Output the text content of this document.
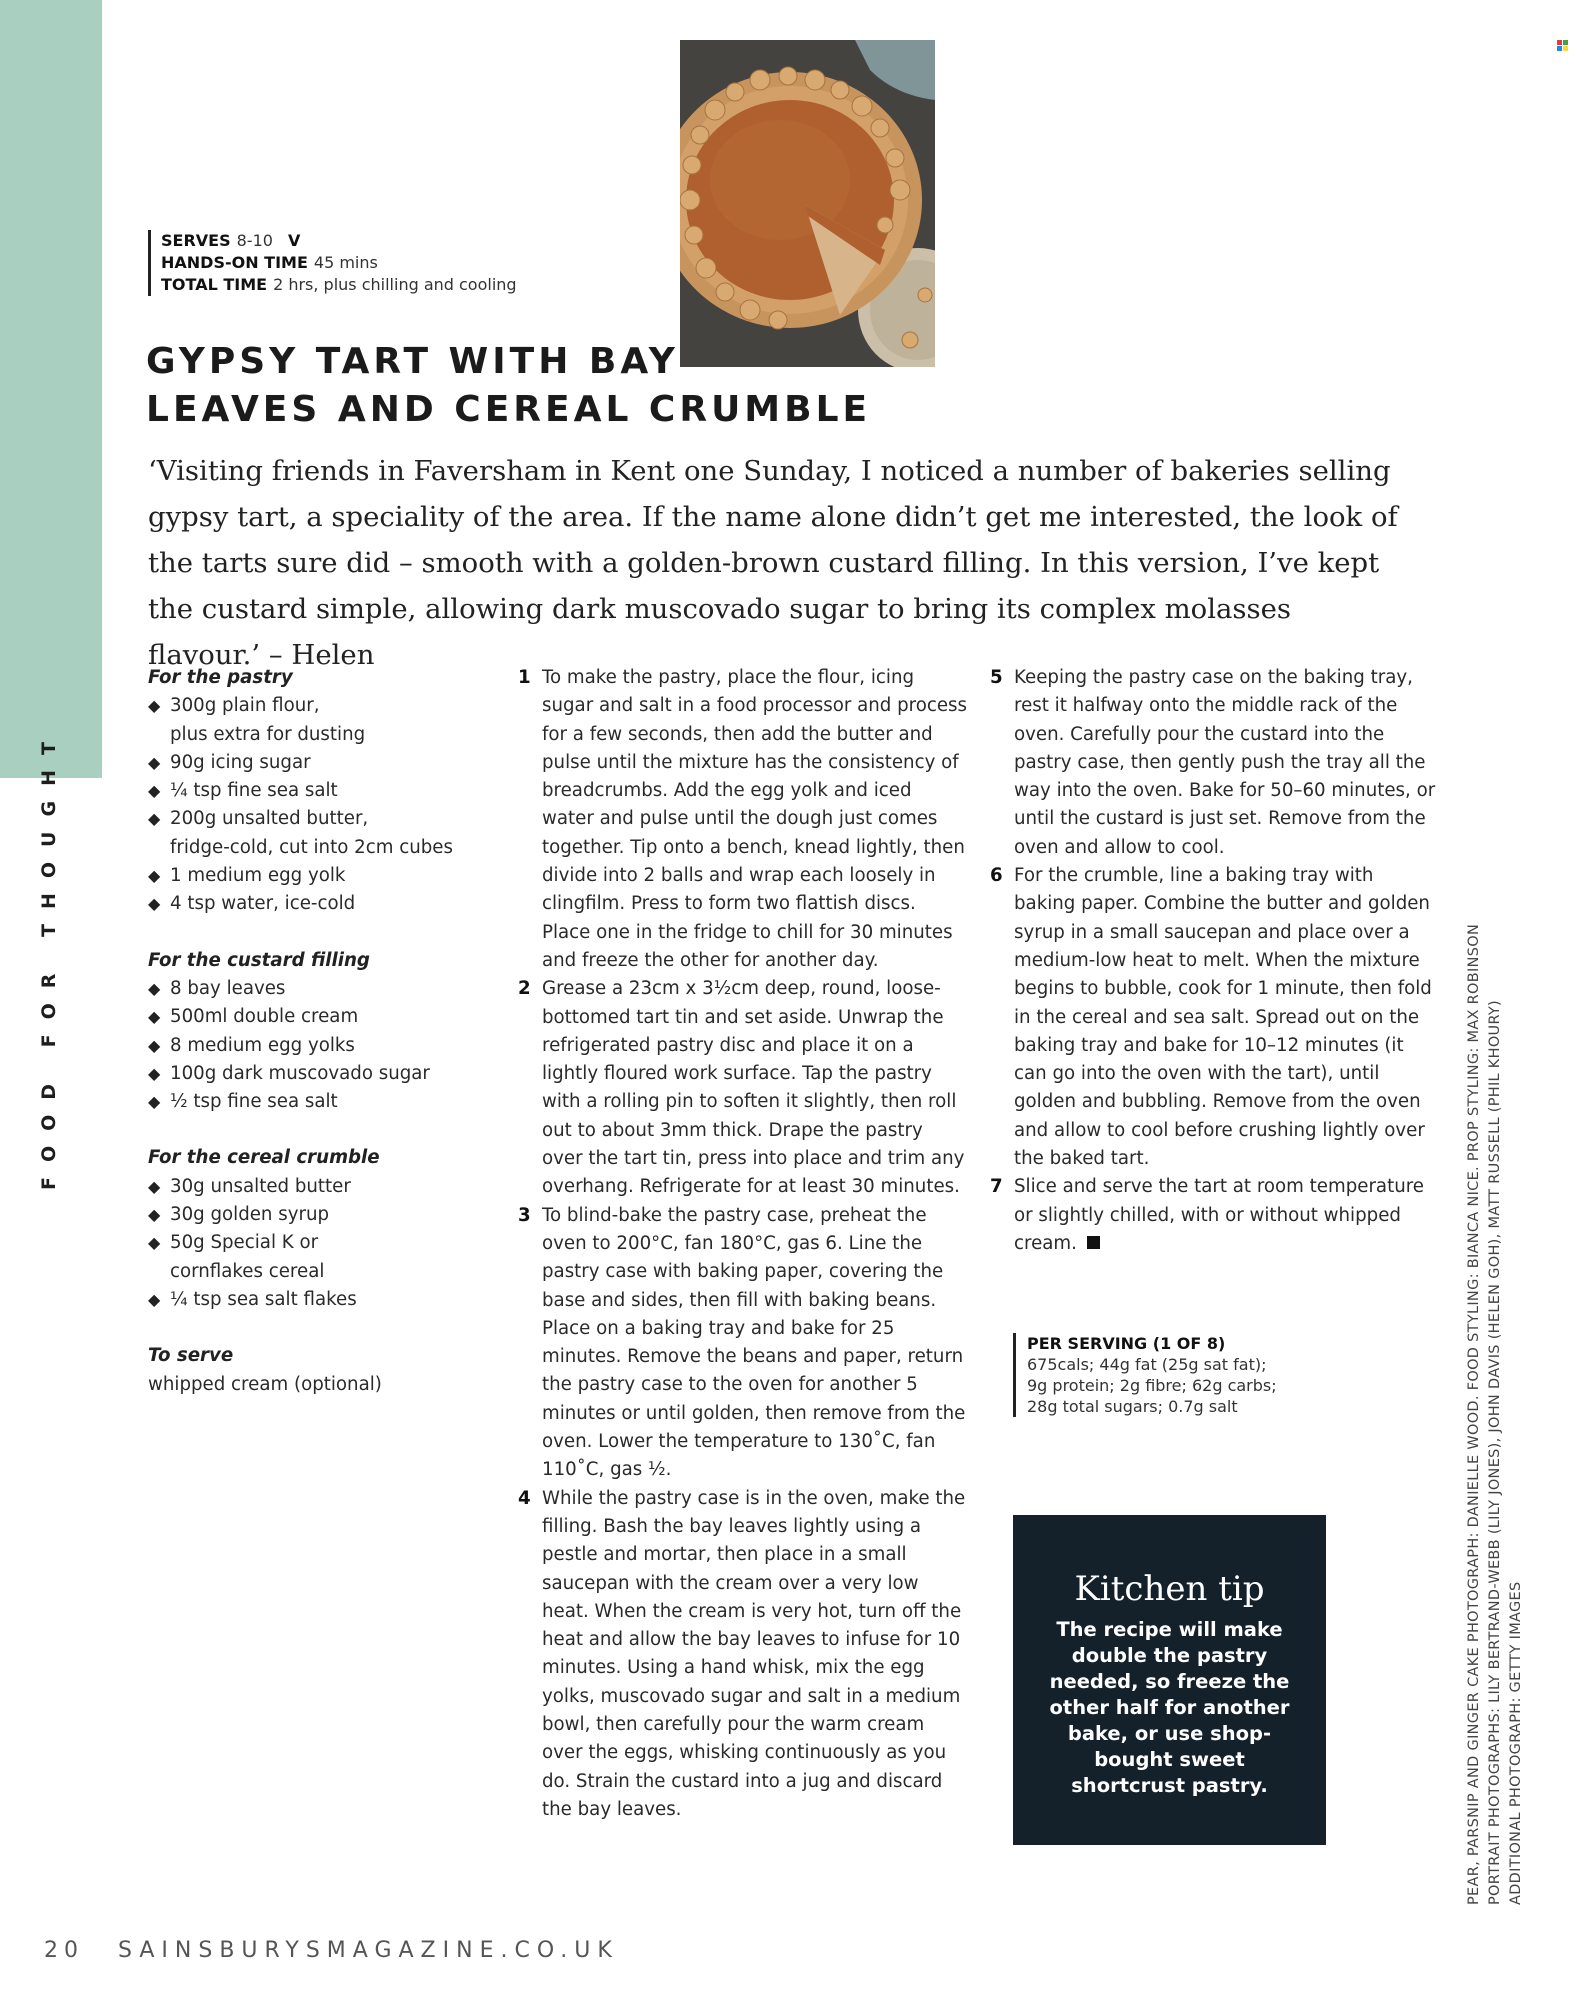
FOOD FOR THOUGHT
SERVES 8-10 V
HANDS-ON TIME 45 mins
TOTAL TIME 2 hrs, plus chilling and cooling
GYPSY TART WITH BAY
LEAVES AND CEREAL CRUMBLE
‘Visiting friends in Faversham in Kent one Sunday, I noticed a number of bakeries selling gypsy tart, a speciality of the area. If the name alone didn’t get me interested, the look of the tarts sure did – smooth with a golden-brown custard filling. In this version, I’ve kept the custard simple, allowing dark muscovado sugar to bring its complex molasses flavour.’ – Helen
For the pastry
◆ 300g plain flour,
plus extra for dusting
◆ 90g icing sugar
◆ ¼ tsp fine sea salt
◆ 200g unsalted butter,
fridge-cold, cut into 2cm cubes
◆ 1 medium egg yolk
◆ 4 tsp water, ice-cold
For the custard filling
◆ 8 bay leaves
◆ 500ml double cream
◆ 8 medium egg yolks
◆ 100g dark muscovado sugar
◆ ½ tsp fine sea salt
For the cereal crumble
◆ 30g unsalted butter
◆ 30g golden syrup
◆ 50g Special K or
cornflakes cereal
◆ ¼ tsp sea salt flakes
To serve
whipped cream (optional)
1 To make the pastry, place the flour, icing sugar and salt in a food processor and process for a few seconds, then add the butter and pulse until the mixture has the consistency of breadcrumbs. Add the egg yolk and iced water and pulse until the dough just comes together. Tip onto a bench, knead lightly, then divide into 2 balls and wrap each loosely in clingfilm. Press to form two flattish discs. Place one in the fridge to chill for 30 minutes and freeze the other for another day.
2 Grease a 23cm x 3½cm deep, round, loose-bottomed tart tin and set aside. Unwrap the refrigerated pastry disc and place it on a lightly floured work surface. Tap the pastry with a rolling pin to soften it slightly, then roll out to about 3mm thick. Drape the pastry over the tart tin, press into place and trim any overhang. Refrigerate for at least 30 minutes.
3 To blind-bake the pastry case, preheat the oven to 200°C, fan 180°C, gas 6. Line the pastry case with baking paper, covering the base and sides, then fill with baking beans. Place on a baking tray and bake for 25 minutes. Remove the beans and paper, return the pastry case to the oven for another 5 minutes or until golden, then remove from the oven. Lower the temperature to 130˚C, fan 110˚C, gas ½.
4 While the pastry case is in the oven, make the filling. Bash the bay leaves lightly using a pestle and mortar, then place in a small saucepan with the cream over a very low heat. When the cream is very hot, turn off the heat and allow the bay leaves to infuse for 10 minutes. Using a hand whisk, mix the egg yolks, muscovado sugar and salt in a medium bowl, then carefully pour the warm cream over the eggs, whisking continuously as you do. Strain the custard into a jug and discard the bay leaves.
5 Keeping the pastry case on the baking tray, rest it halfway onto the middle rack of the oven. Carefully pour the custard into the pastry case, then gently push the tray all the way into the oven. Bake for 50–60 minutes, or until the custard is just set. Remove from the oven and allow to cool.
6 For the crumble, line a baking tray with baking paper. Combine the butter and golden syrup in a small saucepan and place over a medium-low heat to melt. When the mixture begins to bubble, cook for 1 minute, then fold in the cereal and sea salt. Spread out on the baking tray and bake for 10–12 minutes (it can go into the oven with the tart), until golden and bubbling. Remove from the oven and allow to cool before crushing lightly over the baked tart.
7 Slice and serve the tart at room temperature or slightly chilled, with or without whipped cream.
PER SERVING (1 OF 8)
675cals; 44g fat (25g sat fat);
9g protein; 2g fibre; 62g carbs;
28g total sugars; 0.7g salt
Kitchen tip
The recipe will make double the pastry needed, so freeze the other half for another bake, or use shop-bought sweet shortcrust pastry.	PEAR, PARSNIP AND GINGER CAKE PHOTOGRAPH: DANIELLE WOOD. FOOD STYLING: BIANCA NICE. PROP STYLING: MAX ROBINSON PORTRAIT PHOTOGRAPHS: LILY BERTRAND-WEBB (LILY JONES), JOHN DAVIS (HELEN GOH), MATT RUSSELL (PHIL KHOURY) ADDITIONAL PHOTOGRAPH: GETTY IMAGES
20 SAINSBURYSMAGAZINE.CO.UK
